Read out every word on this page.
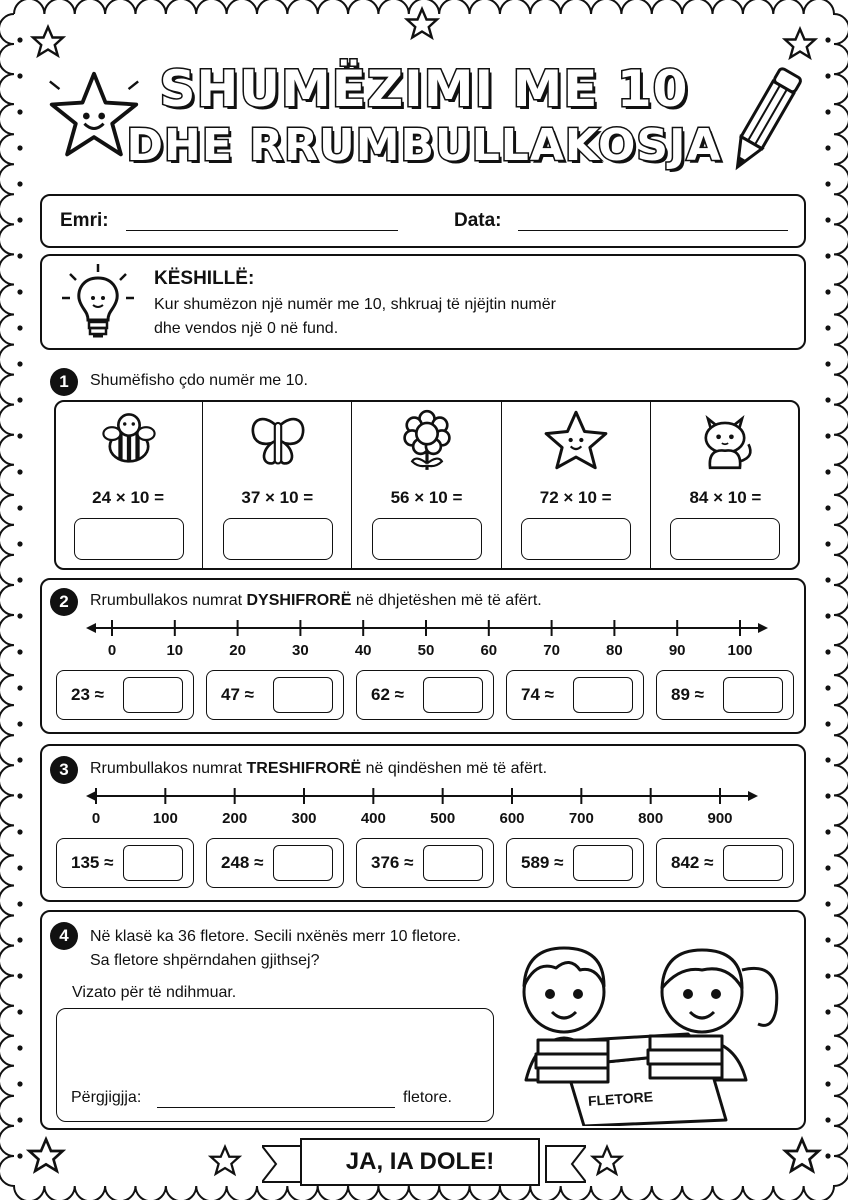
SHUMËZIMI ME 10
DHE RRUMBULLAKOSJA
Emri:	Data:
KËSHILLË:
Kur shumëzon një numër me 10, shkruaj të njëjtin numër
dhe vendos një 0 në fund.
1	Shumëfisho çdo numër me 10.
24 × 10 =	37 × 10 =	56 × 10 =	72 × 10 =	84 × 10 =
2	Rrumbullakos numrat DYSHIFRORË në dhjetëshen më të afërt.
0	10	20	30	40	50	60	70	80	90	100
23 ≈	47 ≈	62 ≈	74 ≈	89 ≈
3	Rrumbullakos numrat TRESHIFRORË në qindëshen më të afërt.
0	100	200	300	400	500	600	700	800	900
135 ≈	248 ≈	376 ≈	589 ≈	842 ≈
4	Në klasë ka 36 fletore. Secili nxënës merr 10 fletore.
Sa fletore shpërndahen gjithsej?
Vizato për të ndihmuar.
Përgjigjja:	fletore.	FLETORE
JA, IA DOLE!
